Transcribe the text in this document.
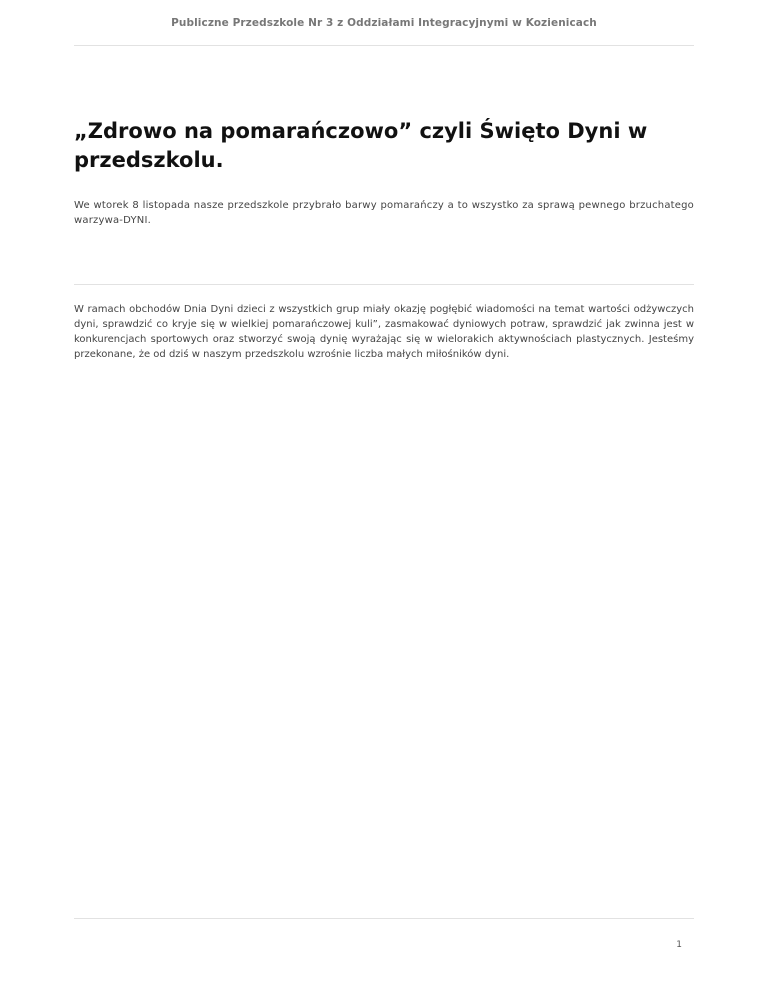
Publiczne Przedszkole Nr 3 z Oddziałami Integracyjnymi w Kozienicach
„Zdrowo na pomarańczowo” czyli Święto Dyni w przedszkolu.

We wtorek 8 listopada nasze przedszkole przybrało barwy pomarańczy a to wszystko za sprawą pewnego brzuchatego warzywa-DYNI.

W ramach obchodów Dnia Dyni dzieci z wszystkich grup miały okazję pogłębić wiadomości na temat wartości odżywczych dyni, sprawdzić co kryje się w wielkiej pomarańczowej kuli”, zasmakować dyniowych potraw, sprawdzić jak zwinna jest w konkurencjach sportowych oraz stworzyć swoją dynię wyrażając się w wielorakich aktywnościach plastycznych. Jesteśmy przekonane, że od dziś w naszym przedszkolu wzrośnie liczba małych miłośników dyni.

1
